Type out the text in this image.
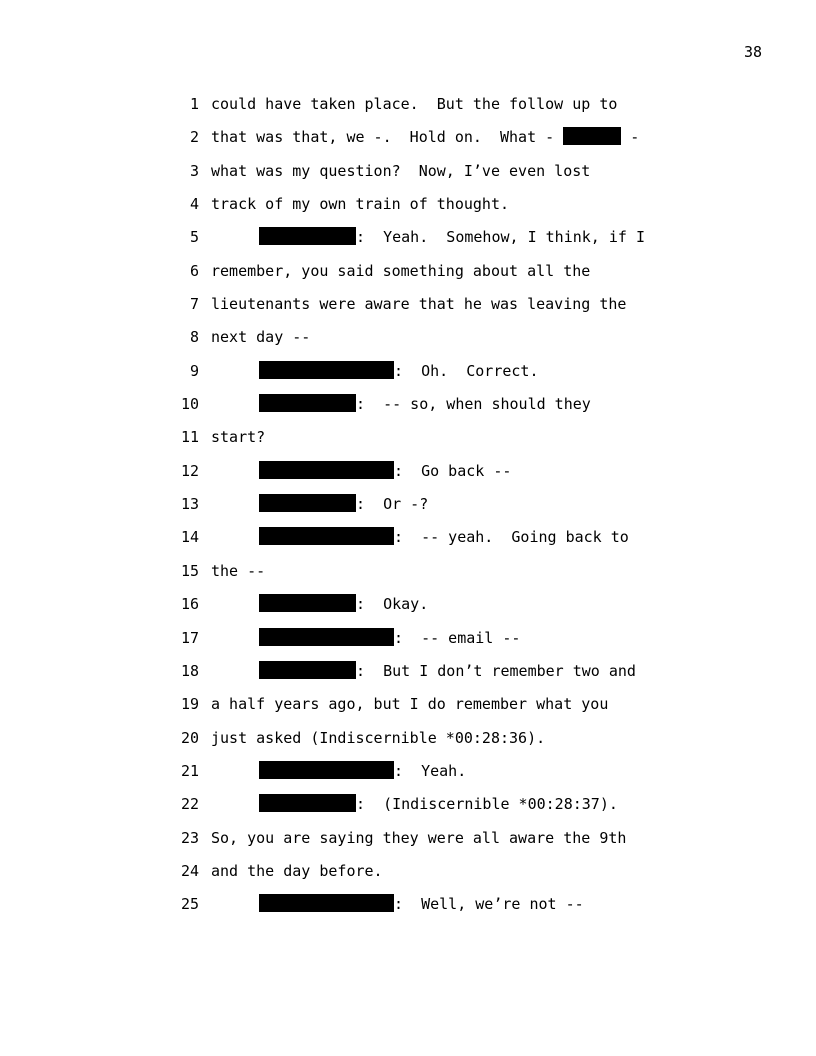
38
1 could have taken place.  But the follow up to
2 that was that, we -.  Hold on.  What -	-
3 what was my question?  Now, I’ve even lost
4 track of my own train of thought.
5	:  Yeah.  Somehow, I think, if I
6 remember, you said something about all the
7 lieutenants were aware that he was leaving the
8 next day --
9	:  Oh.  Correct.
10	:  -- so, when should they
11 start?
12	:  Go back --
13	:  Or -?
14	:  -- yeah.  Going back to
15 the --
16	:  Okay.
17	:  -- email --
18	:  But I don’t remember two and
19 a half years ago, but I do remember what you
20 just asked (Indiscernible *00:28:36).
21	:  Yeah.
22	:  (Indiscernible *00:28:37).
23 So, you are saying they were all aware the 9th
24 and the day before.
25	:  Well, we’re not --
